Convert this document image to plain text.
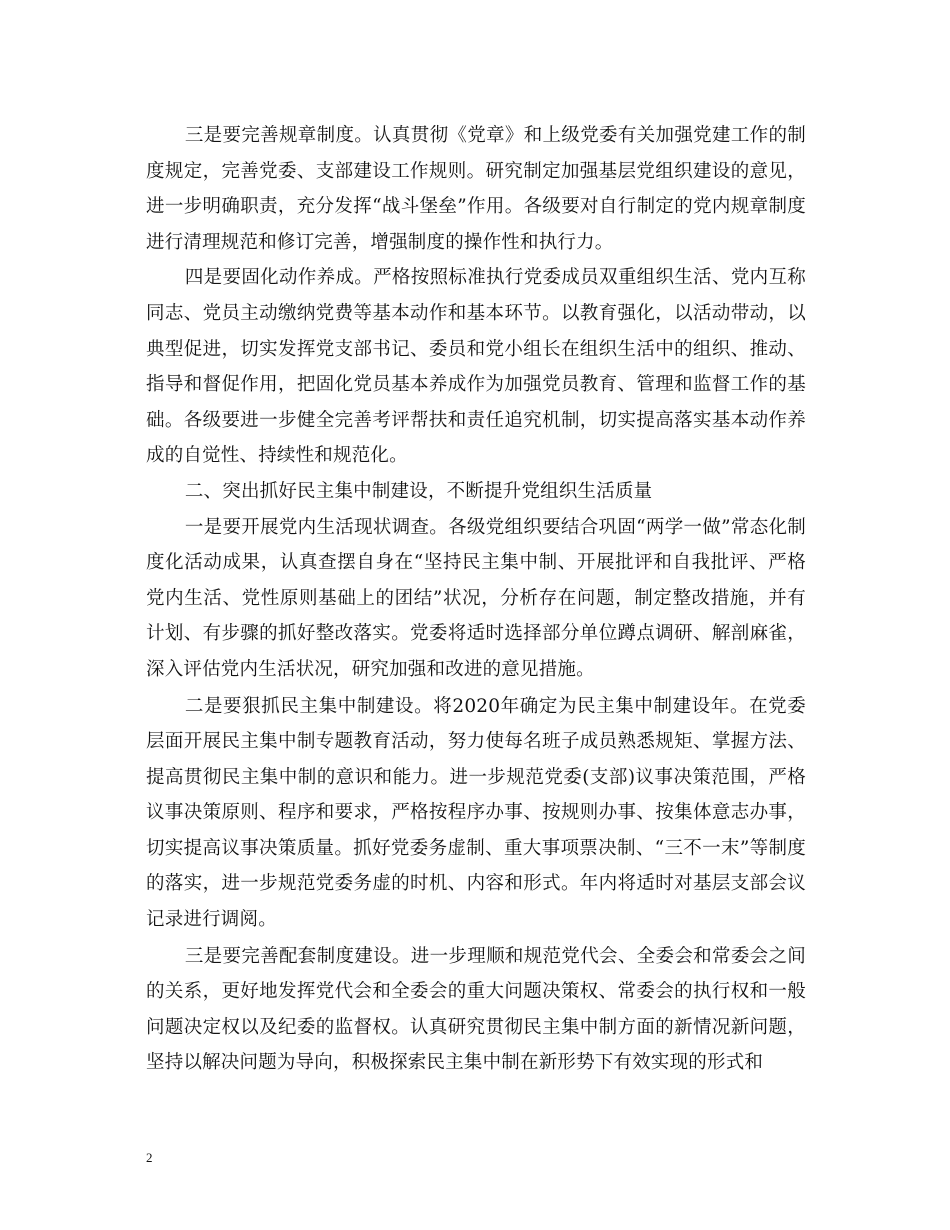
三是要完善规章制度。认真贯彻《党章》和上级党委有关加强党建工作的制度规定，完善党委、支部建设工作规则。研究制定加强基层党组织建设的意见，进一步明确职责，充分发挥“战斗堡垒”作用。各级要对自行制定的党内规章制度进行清理规范和修订完善，增强制度的操作性和执行力。

四是要固化动作养成。严格按照标准执行党委成员双重组织生活、党内互称同志、党员主动缴纳党费等基本动作和基本环节。以教育强化，以活动带动，以典型促进，切实发挥党支部书记、委员和党小组长在组织生活中的组织、推动、指导和督促作用，把固化党员基本养成作为加强党员教育、管理和监督工作的基础。各级要进一步健全完善考评帮扶和责任追究机制，切实提高落实基本动作养成的自觉性、持续性和规范化。

二、突出抓好民主集中制建设，不断提升党组织生活质量

一是要开展党内生活现状调查。各级党组织要结合巩固“两学一做”常态化制度化活动成果，认真查摆自身在“坚持民主集中制、开展批评和自我批评、严格党内生活、党性原则基础上的团结”状况，分析存在问题，制定整改措施，并有计划、有步骤的抓好整改落实。党委将适时选择部分单位蹲点调研、解剖麻雀，深入评估党内生活状况，研究加强和改进的意见措施。

二是要狠抓民主集中制建设。将2020年确定为民主集中制建设年。在党委层面开展民主集中制专题教育活动，努力使每名班子成员熟悉规矩、掌握方法、提高贯彻民主集中制的意识和能力。进一步规范党委(支部)议事决策范围，严格议事决策原则、程序和要求，严格按程序办事、按规则办事、按集体意志办事，切实提高议事决策质量。抓好党委务虚制、重大事项票决制、“三不一末”等制度的落实，进一步规范党委务虚的时机、内容和形式。年内将适时对基层支部会议记录进行调阅。

三是要完善配套制度建设。进一步理顺和规范党代会、全委会和常委会之间的关系，更好地发挥党代会和全委会的重大问题决策权、常委会的执行权和一般问题决定权以及纪委的监督权。认真研究贯彻民主集中制方面的新情况新问题，坚持以解决问题为导向，积极探索民主集中制在新形势下有效实现的形式和

2
